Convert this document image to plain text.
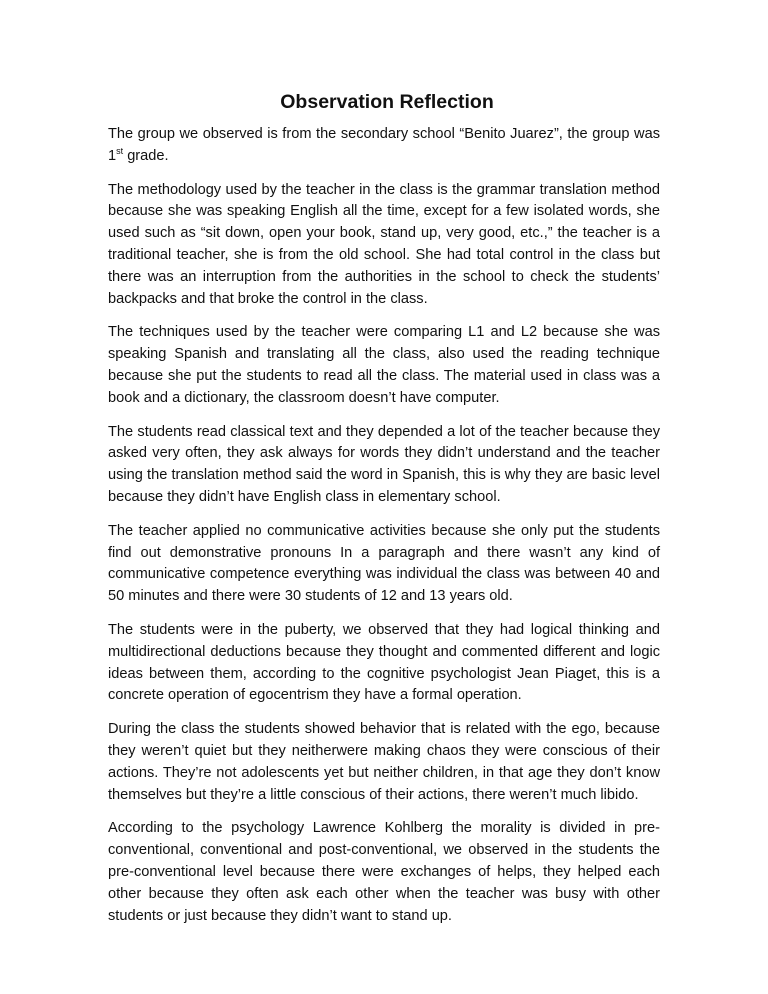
Observation Reflection

The group we observed is from the secondary school “Benito Juarez”, the group was 1st grade.

The methodology used by the teacher in the class is the grammar translation method because she was speaking English all the time, except for a few isolated words, she used such as “sit down, open your book, stand up, very good, etc.,” the teacher is a traditional teacher, she is from the old school. She had total control in the class but there was an interruption from the authorities in the school to check the students’ backpacks and that broke the control in the class.

The techniques used by the teacher were comparing L1 and L2 because she was speaking Spanish and translating all the class, also used the reading technique because she put the students to read all the class. The material used in class was a book and a dictionary, the classroom doesn’t have computer.

The students read classical text and they depended a lot of the teacher because they asked very often, they ask always for words they didn’t understand and the teacher using the translation method said the word in Spanish, this is why they are basic level because they didn’t have English class in elementary school.

The teacher applied no communicative activities because she only put the students find out demonstrative pronouns In a paragraph and there wasn’t any kind of communicative competence everything was individual the class was between 40 and 50 minutes and there were 30 students of 12 and 13 years old.

The students were in the puberty, we observed that they had logical thinking and multidirectional deductions because they thought and commented different and logic ideas between them, according to the cognitive psychologist Jean Piaget, this is a concrete operation of egocentrism they have a formal operation.

During the class the students showed behavior that is related with the ego, because they weren’t quiet but they neitherwere making chaos they were conscious of their actions. They’re not adolescents yet but neither children, in that age they don’t know themselves but they’re a little conscious of their actions, there weren’t much libido.

According to the psychology Lawrence Kohlberg the morality is divided in pre-conventional, conventional and post-conventional, we observed in the students the pre-conventional level because there were exchanges of helps, they helped each other because they often ask each other when the teacher was busy with other students or just because they didn’t want to stand up.
